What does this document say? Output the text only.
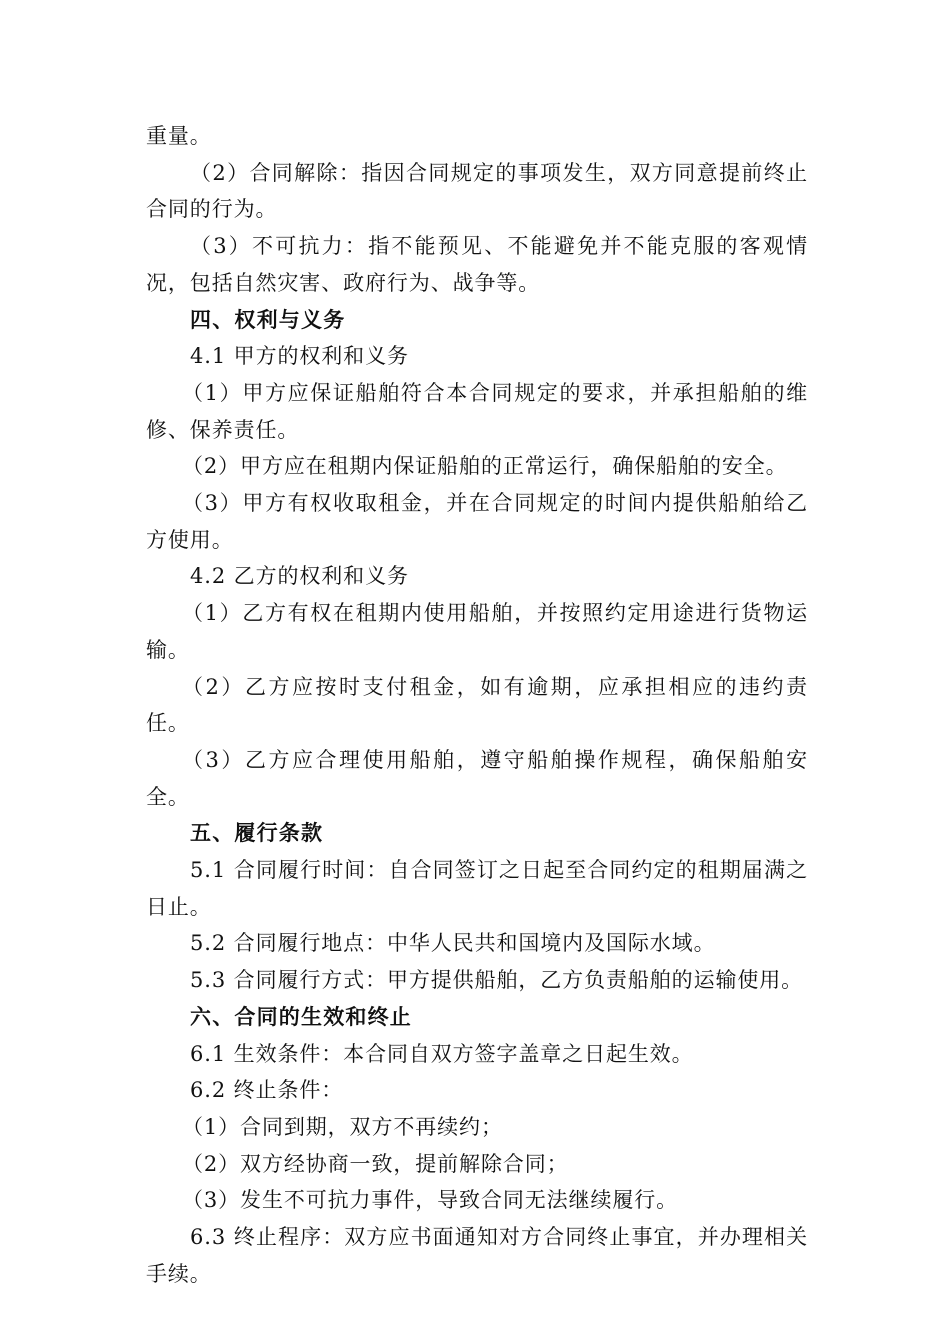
重量。

（2）合同解除：指因合同规定的事项发生，双方同意提前终止合同的行为。

（3）不可抗力：指不能预见、不能避免并不能克服的客观情况，包括自然灾害、政府行为、战争等。

四、权利与义务

4.1 甲方的权利和义务

（1）甲方应保证船舶符合本合同规定的要求，并承担船舶的维修、保养责任。

（2）甲方应在租期内保证船舶的正常运行，确保船舶的安全。

（3）甲方有权收取租金，并在合同规定的时间内提供船舶给乙方使用。

4.2 乙方的权利和义务

（1）乙方有权在租期内使用船舶，并按照约定用途进行货物运输。

（2）乙方应按时支付租金，如有逾期，应承担相应的违约责任。

（3）乙方应合理使用船舶，遵守船舶操作规程，确保船舶安全。

五、履行条款

5.1 合同履行时间：自合同签订之日起至合同约定的租期届满之日止。

5.2 合同履行地点：中华人民共和国境内及国际水域。

5.3 合同履行方式：甲方提供船舶，乙方负责船舶的运输使用。

六、合同的生效和终止

6.1 生效条件：本合同自双方签字盖章之日起生效。

6.2 终止条件：

（1）合同到期，双方不再续约；

（2）双方经协商一致，提前解除合同；

（3）发生不可抗力事件，导致合同无法继续履行。

6.3 终止程序：双方应书面通知对方合同终止事宜，并办理相关手续。
